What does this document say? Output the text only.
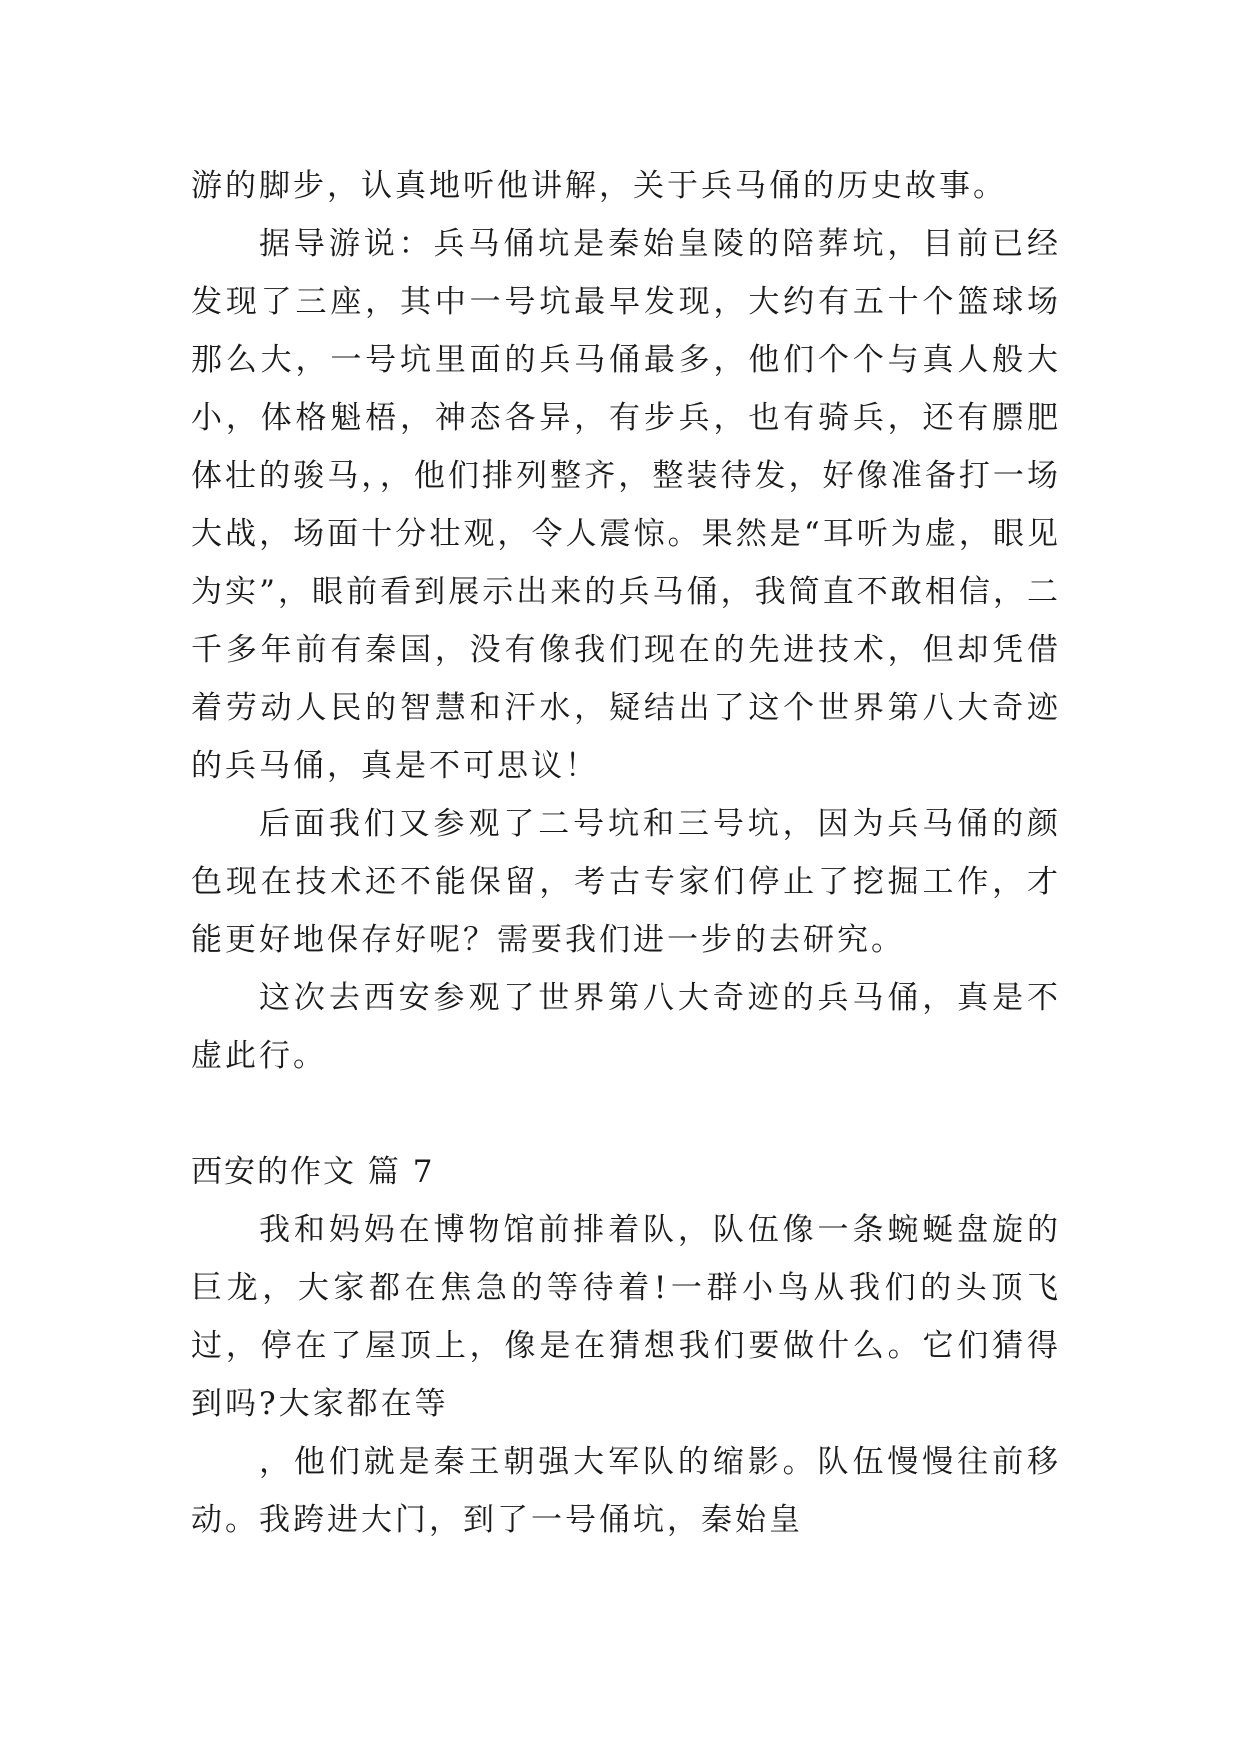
游的脚步，认真地听他讲解，关于兵马俑的历史故事。

据导游说：兵马俑坑是秦始皇陵的陪葬坑，目前已经发现了三座，其中一号坑最早发现，大约有五十个篮球场那么大，一号坑里面的兵马俑最多，他们个个与真人般大小，体格魁梧，神态各异，有步兵，也有骑兵，还有膘肥体壮的骏马，，他们排列整齐，整装待发，好像准备打一场大战，场面十分壮观，令人震惊。果然是“耳听为虚，眼见为实”，眼前看到展示出来的兵马俑，我简直不敢相信，二千多年前有秦国，没有像我们现在的先进技术，但却凭借着劳动人民的智慧和汗水，疑结出了这个世界第八大奇迹的兵马俑，真是不可思议！

后面我们又参观了二号坑和三号坑，因为兵马俑的颜色现在技术还不能保留，考古专家们停止了挖掘工作，才能更好地保存好呢？需要我们进一步的去研究。

这次去西安参观了世界第八大奇迹的兵马俑，真是不虚此行。

西安的作文 篇 7

我和妈妈在博物馆前排着队，队伍像一条蜿蜒盘旋的巨龙，大家都在焦急的等待着!一群小鸟从我们的头顶飞过，停在了屋顶上，像是在猜想我们要做什么。它们猜得到吗?大家都在等

，他们就是秦王朝强大军队的缩影。队伍慢慢往前移动。我跨进大门，到了一号俑坑，秦始皇
